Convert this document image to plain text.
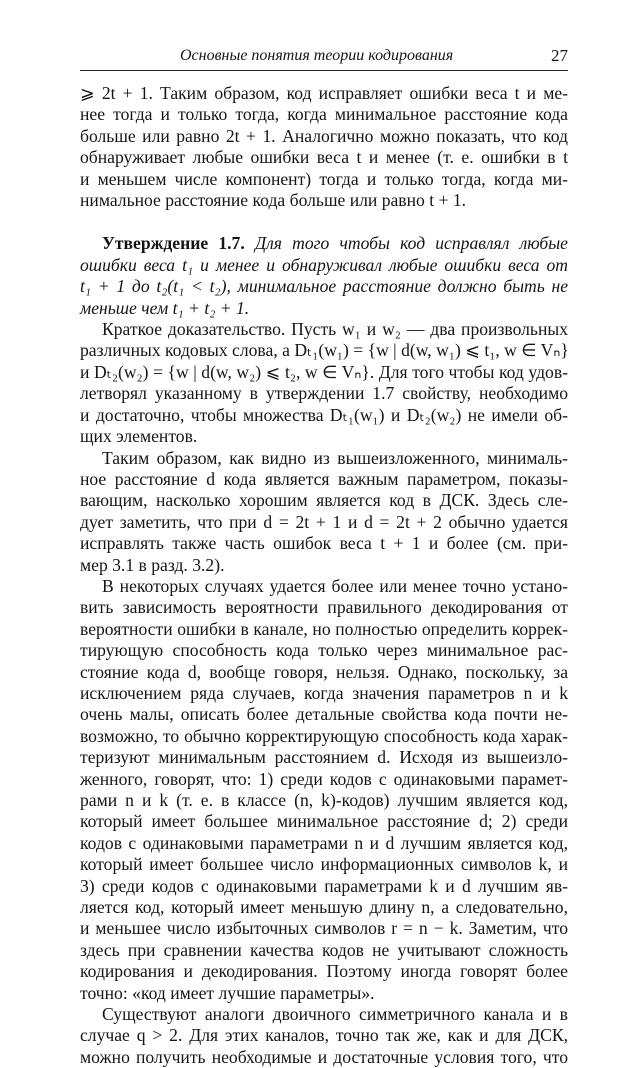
Основные понятия теории кодирования	27
⩾ 2t + 1. Таким образом, код исправляет ошибки веса t и ме-
нее тогда и только тогда, когда минимальное расстояние кода
больше или равно 2t + 1. Аналогично можно показать, что код
обнаруживает любые ошибки веса t и менее (т. е. ошибки в t
и меньшем числе компонент) тогда и только тогда, когда ми-
нимальное расстояние кода больше или равно t + 1.
Утверждение 1.7. Для того чтобы код исправлял любые
ошибки веса t₁ и менее и обнаруживал любые ошибки веса от
t₁ + 1 до t₂(t₁ < t₂), минимальное расстояние должно быть не
меньше чем t₁ + t₂ + 1.
Краткое доказательство. Пусть w₁ и w₂ — два произвольных
различных кодовых слова, а Dₜ₁(w₁) = {w | d(w, w₁) ⩽ t₁, w ∈ Vₙ}
и Dₜ₂(w₂) = {w | d(w, w₂) ⩽ t₂, w ∈ Vₙ}. Для того чтобы код удов-
летворял указанному в утверждении 1.7 свойству, необходимо
и достаточно, чтобы множества Dₜ₁(w₁) и Dₜ₂(w₂) не имели об-
щих элементов.
Таким образом, как видно из вышеизложенного, минималь-
ное расстояние d кода является важным параметром, показы-
вающим, насколько хорошим является код в ДСК. Здесь сле-
дует заметить, что при d = 2t + 1 и d = 2t + 2 обычно удается
исправлять также часть ошибок веса t + 1 и более (см. при-
мер 3.1 в разд. 3.2).
В некоторых случаях удается более или менее точно устано-
вить зависимость вероятности правильного декодирования от
вероятности ошибки в канале, но полностью определить коррек-
тирующую способность кода только через минимальное рас-
стояние кода d, вообще говоря, нельзя. Однако, поскольку, за
исключением ряда случаев, когда значения параметров n и k
очень малы, описать более детальные свойства кода почти не-
возможно, то обычно корректирующую способность кода харак-
теризуют минимальным расстоянием d. Исходя из вышеизло-
женного, говорят, что: 1) среди кодов с одинаковыми парамет-
рами n и k (т. е. в классе (n, k)-кодов) лучшим является код,
который имеет большее минимальное расстояние d; 2) среди
кодов с одинаковыми параметрами n и d лучшим является код,
который имеет большее число информационных символов k, и
3) среди кодов с одинаковыми параметрами k и d лучшим яв-
ляется код, который имеет меньшую длину n, а следовательно,
и меньшее число избыточных символов r = n − k. Заметим, что
здесь при сравнении качества кодов не учитывают сложность
кодирования и декодирования. Поэтому иногда говорят более
точно: «код имеет лучшие параметры».
Существуют аналоги двоичного симметричного канала и в
случае q > 2. Для этих каналов, точно так же, как и для ДСК,
можно получить необходимые и достаточные условия того, что
